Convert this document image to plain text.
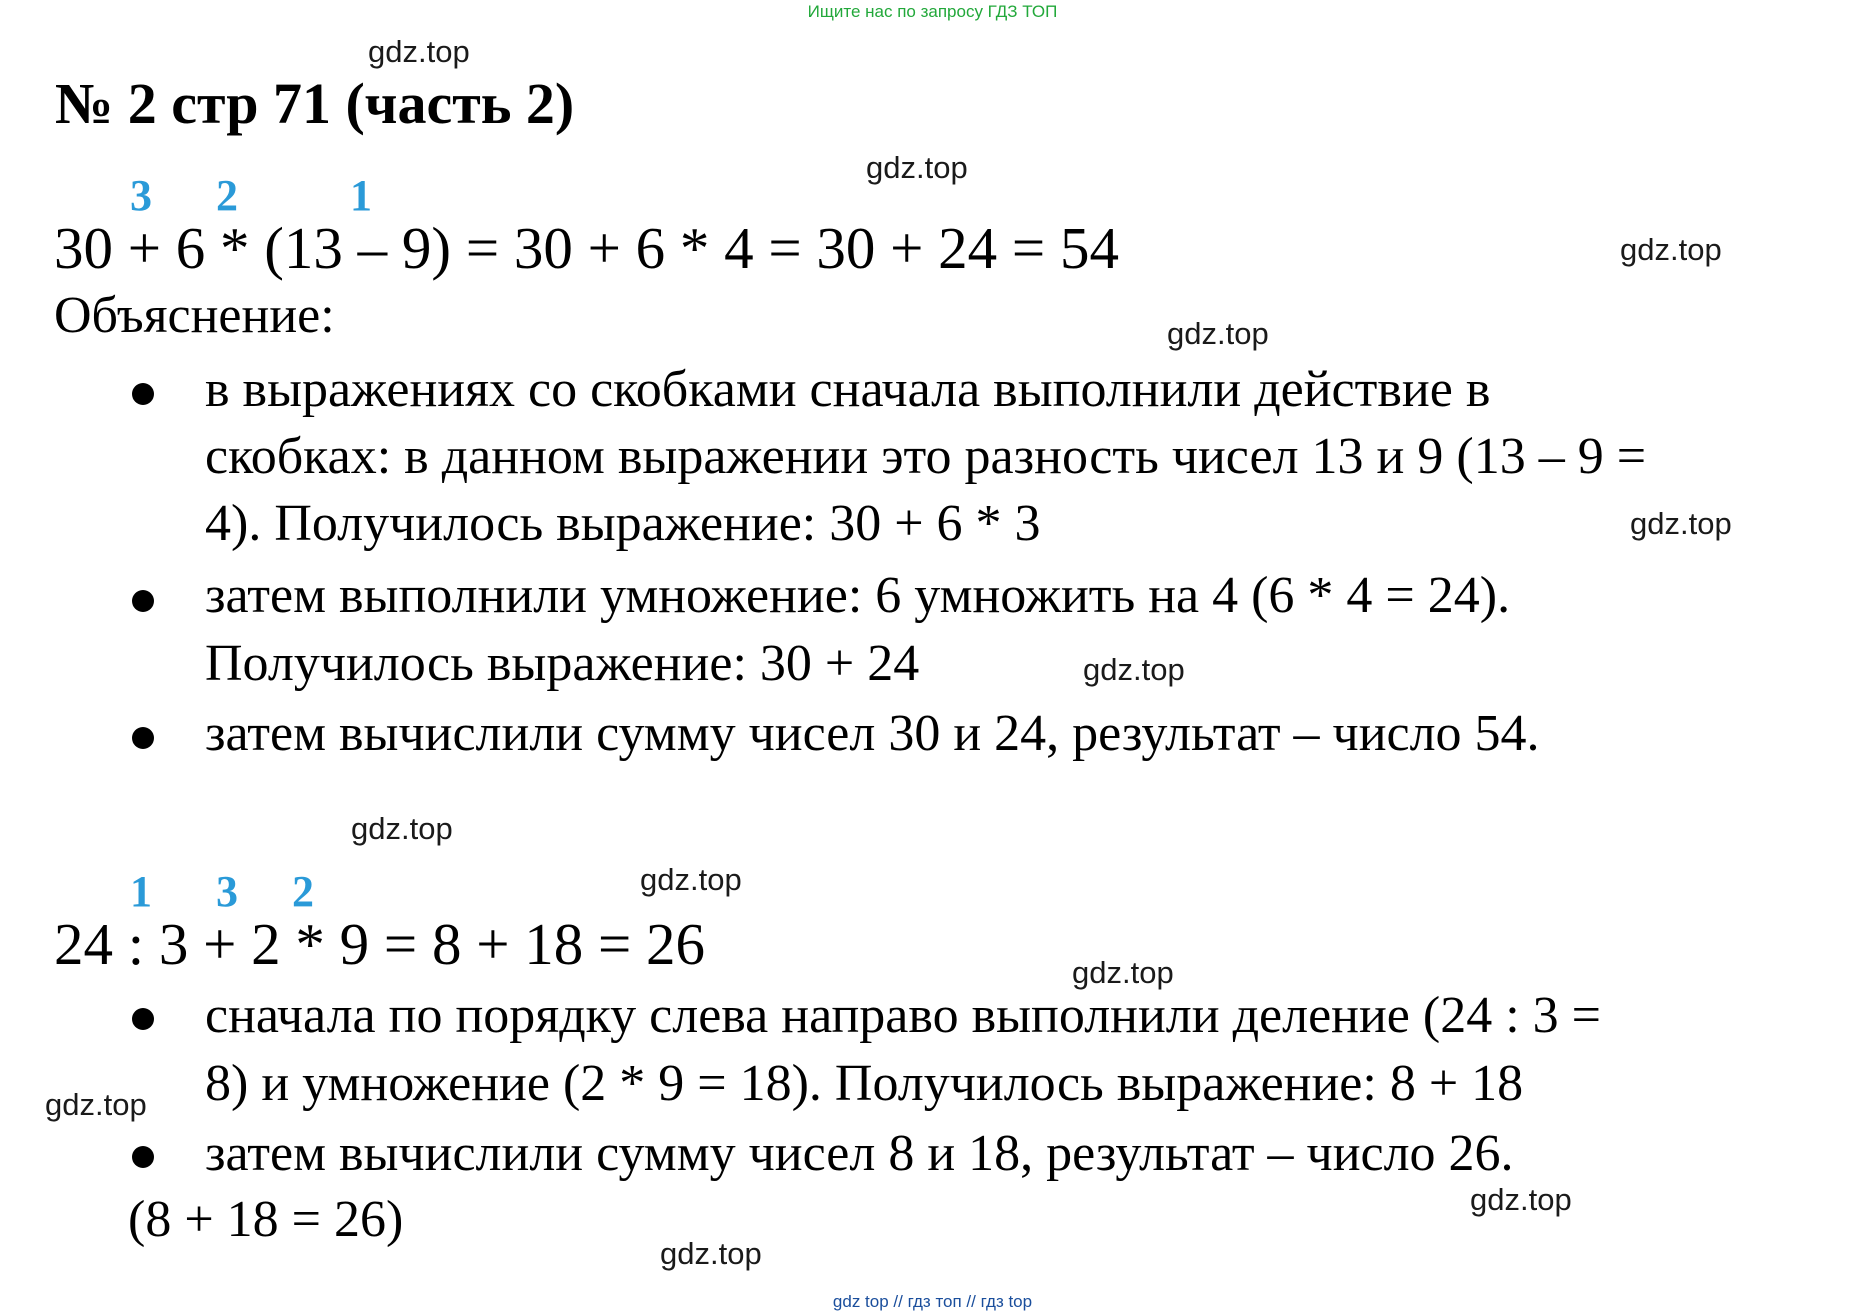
Ищите нас по запросу ГДЗ ТОП
gdz.top
gdz.top
gdz.top
gdz.top
gdz.top
gdz.top
gdz.top
gdz.top
gdz.top
gdz.top
gdz.top
gdz.top
№ 2 стр 71 (часть 2)
3 2	1
30 + 6 * (13 – 9) = 30 + 6 * 4 = 30 + 24 = 54
Объяснение:
в выражениях со скобками сначала выполнили действие в
скобках: в данном выражении это разность чисел 13 и 9 (13 – 9 =
4). Получилось выражение: 30 + 6 * 3
затем выполнили умножение: 6 умножить на 4 (6 * 4 = 24).
Получилось выражение: 30 + 24
затем вычислили сумму чисел 30 и 24, результат – число 54.
1 3 2
24 : 3 + 2 * 9 = 8 + 18 = 26
сначала по порядку слева направо выполнили деление (24 : 3 =
8) и умножение (2 * 9 = 18). Получилось выражение: 8 + 18
затем вычислили сумму чисел 8 и 18, результат – число 26.
(8 + 18 = 26)
gdz top // гдз топ // гдз top
